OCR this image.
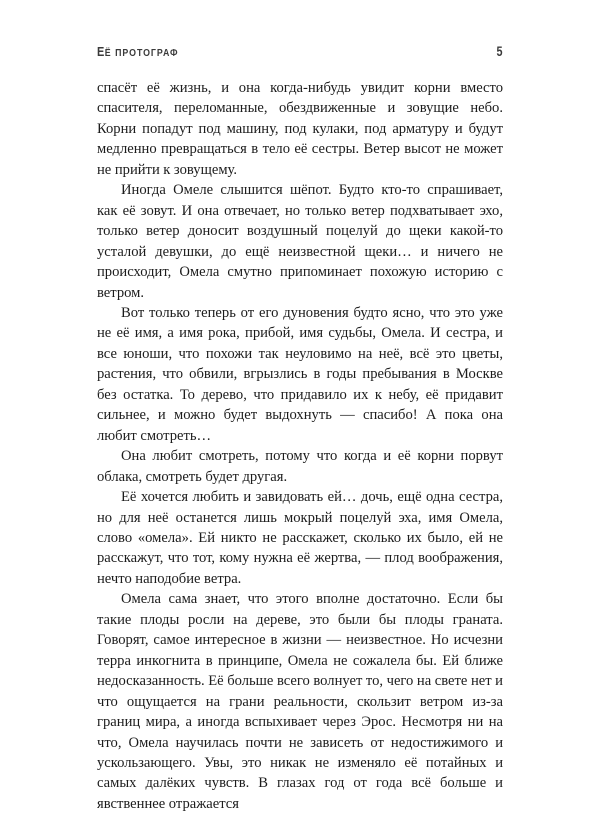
ЕЁ ПРОТОГРАФ	5

спасёт её жизнь, и она когда-нибудь увидит корни вместо спасителя, переломанные, обездвиженные и зовущие небо. Корни попадут под машину, под кулаки, под арматуру и будут медленно превращаться в тело её сестры. Ветер высот не может не прийти к зовущему.

Иногда Омеле слышится шёпот. Будто кто-то спрашивает, как её зовут. И она отвечает, но только ветер подхватывает эхо, только ветер доносит воздушный поцелуй до щеки какой-то усталой девушки, до ещё неизвестной щеки… и ничего не происходит, Омела смутно припоминает похожую историю с ветром.

Вот только теперь от его дуновения будто ясно, что это уже не её имя, а имя рока, прибой, имя судьбы, Омела. И сестра, и все юноши, что похожи так неуловимо на неё, всё это цветы, растения, что обвили, вгрызлись в годы пребывания в Москве без остатка. То дерево, что придавило их к небу, её придавит сильнее, и можно будет выдохнуть — спасибо! А пока она любит смотреть…

Она любит смотреть, потому что когда и её корни порвут облака, смотреть будет другая.

Её хочется любить и завидовать ей… дочь, ещё одна сестра, но для неё останется лишь мокрый поцелуй эха, имя Омела, слово «омела». Ей никто не расскажет, сколько их было, ей не расскажут, что тот, кому нужна её жертва, — плод воображения, нечто наподобие ветра.

Омела сама знает, что этого вполне достаточно. Если бы такие плоды росли на дереве, это были бы плоды граната. Говорят, самое интересное в жизни — неизвестное. Но исчезни терра инкогнита в принципе, Омела не сожалела бы. Ей ближе недосказанность. Её больше всего волнует то, чего на свете нет и что ощущается на грани реальности, скользит ветром из-за границ мира, а иногда вспыхивает через Эрос. Несмотря ни на что, Омела научилась почти не зависеть от недостижимого и ускользающего. Увы, это никак не изменяло её потайных и самых далёких чувств. В глазах год от года всё больше и явственнее отражается
